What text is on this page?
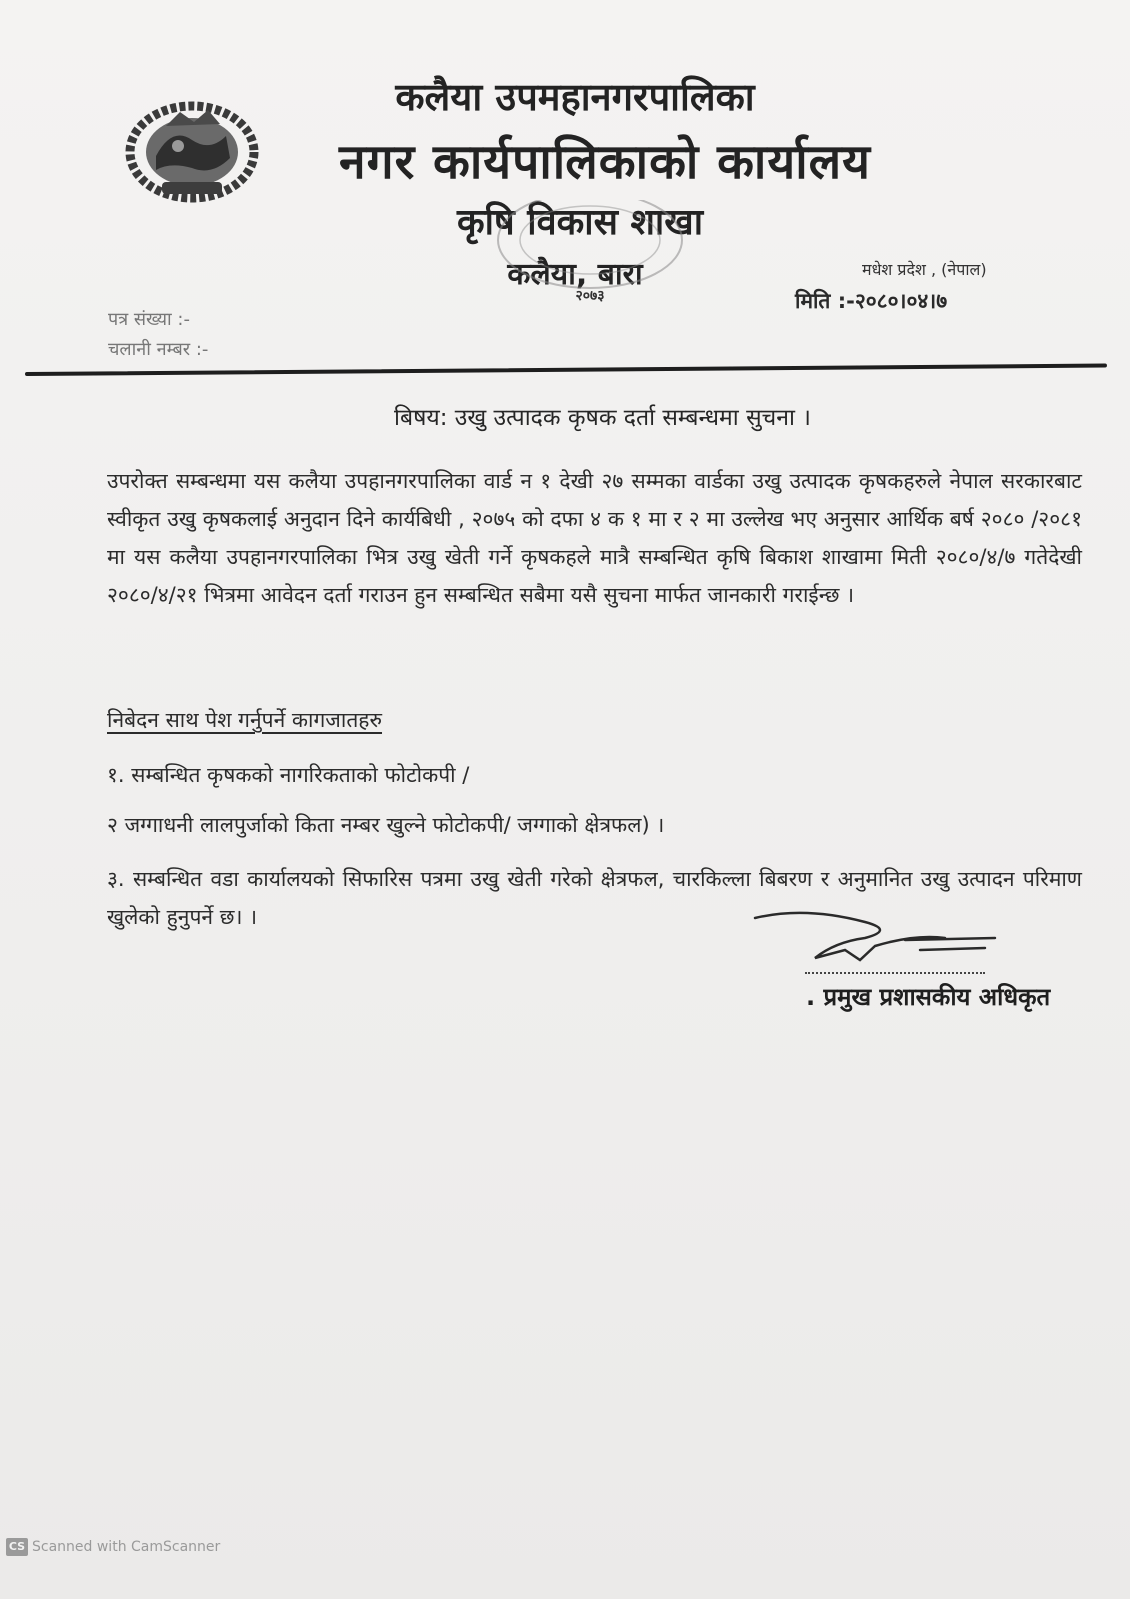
कलैया उपमहानगरपालिका
नगर कार्यपालिकाको कार्यालय
कृषि विकास शाखा
कलैया, बारा
२०७३
मधेश प्रदेश , (नेपाल)
मिति :-२०८०।०४।७
पत्र संख्या :-
चलानी नम्बर :-
बिषय: उखु उत्पादक कृषक दर्ता सम्बन्धमा सुचना ।
उपरोक्त सम्बन्धमा यस कलैया उपहानगरपालिका वार्ड न १ देखी २७ सम्मका वार्डका उखु उत्पादक कृषकहरुले नेपाल सरकारबाट स्वीकृत उखु कृषकलाई अनुदान दिने कार्यबिधी , २०७५ को दफा ४ क १ मा र २ मा उल्लेख भए अनुसार आर्थिक बर्ष २०८० /२०८१ मा यस कलैया उपहानगरपालिका भित्र उखु खेती गर्ने कृषकहले मात्रै सम्बन्धित कृषि बिकाश शाखामा मिती २०८०/४/७ गतेदेखी २०८०/४/२१ भित्रमा आवेदन दर्ता गराउन हुन सम्बन्धित सबैमा यसै सुचना मार्फत जानकारी गराईन्छ ।
निबेदन साथ पेश गर्नुपर्ने कागजातहरु
१. सम्बन्धित कृषकको नागरिकताको फोटोकपी /
२ जग्गाधनी लालपुर्जाको किता नम्बर खुल्ने फोटोकपी/ जग्गाको क्षेत्रफल) ।
३. सम्बन्धित वडा कार्यालयको सिफारिस पत्रमा उखु खेती गरेको क्षेत्रफल, चारकिल्ला बिबरण र अनुमानित उखु उत्पादन परिमाण खुलेको हुनुपर्ने छ। ।
. प्रमुख प्रशासकीय अधिकृत
CS Scanned with CamScanner
